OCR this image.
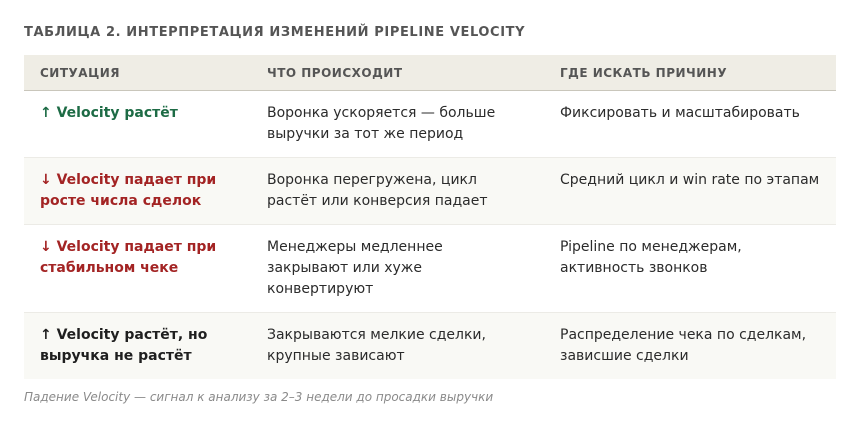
ТАБЛИЦА 2. ИНТЕРПРЕТАЦИЯ ИЗМЕНЕНИЙ PIPELINE VELOCITY
СИТУАЦИЯ	ЧТО ПРОИСХОДИТ	ГДЕ ИСКАТЬ ПРИЧИНУ
↑ Velocity растёт	Воронка ускоряется — больше выручки за тот же период	Фиксировать и масштабировать
↓ Velocity падает при росте числа сделок	Воронка перегружена, цикл растёт или конверсия падает	Средний цикл и win rate по этапам
↓ Velocity падает при стабильном чеке	Менеджеры медленнее закрывают или хуже конвертируют	Pipeline по менеджерам, активность звонков
↑ Velocity растёт, но выручка не растёт	Закрываются мелкие сделки, крупные зависают	Распределение чека по сделкам, зависшие сделки
Падение Velocity — сигнал к анализу за 2–3 недели до просадки выручки
